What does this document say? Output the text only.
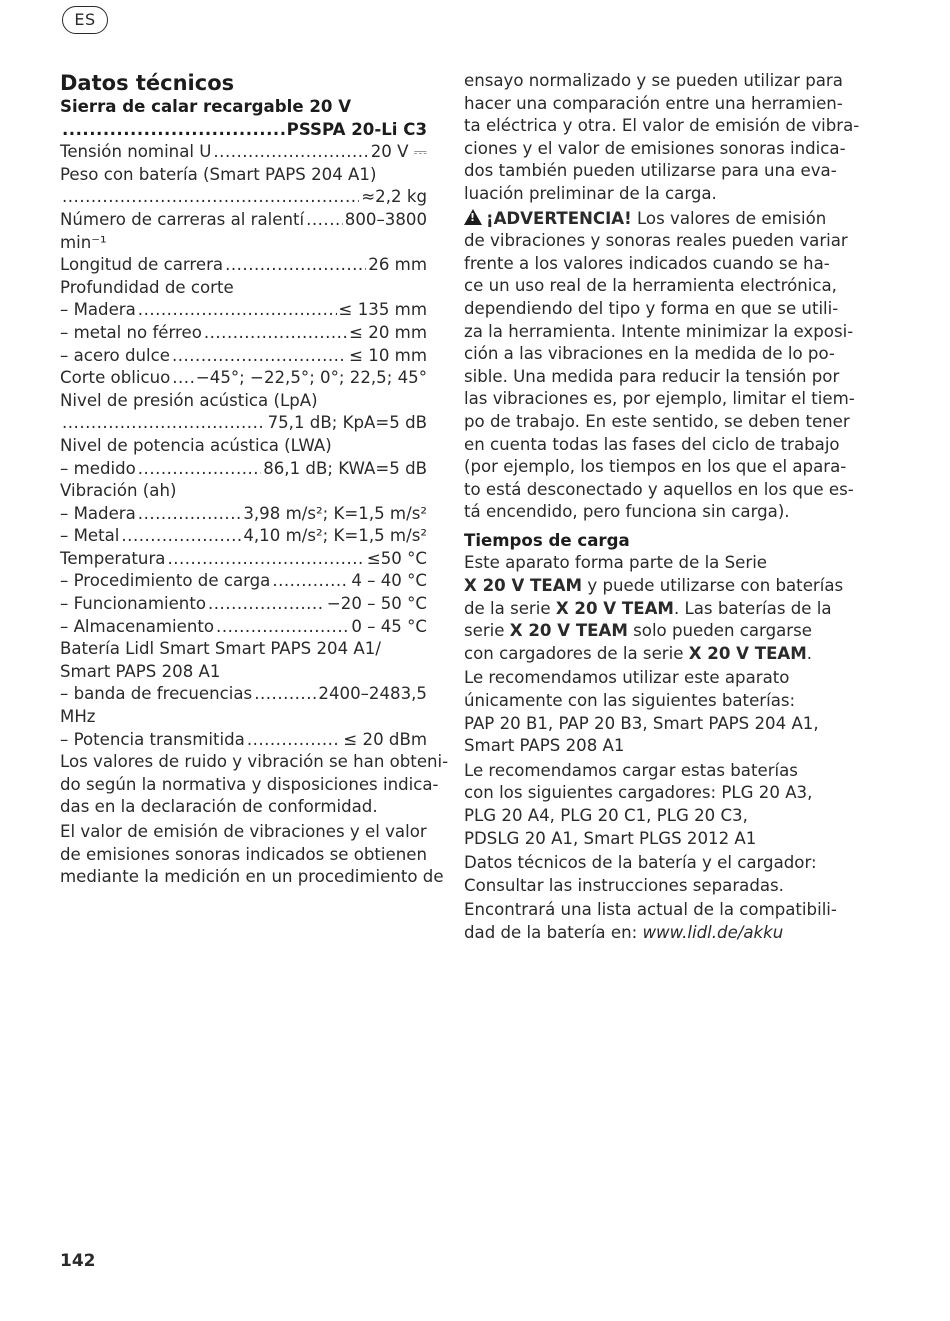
ES
Datos técnicos
Sierra de calar recargable 20 V
.....
PSSPA 20-Li C3
Tensión nominal U .....	20 V ⎓
Peso con batería (Smart PAPS 204 A1)
.....
≈2,2 kg
Número de carreras al ralentí ..... 800–3800
min⁻¹
Longitud de carrera .....	26 mm
Profundidad de corte
– Madera .....	≤ 135 mm
– metal no férreo .....	≤ 20 mm
– acero dulce .....	≤ 10 mm
Corte oblicuo ..... −45°; −22,5°; 0°; 22,5; 45°
Nivel de presión acústica (LpA)
.....
75,1 dB; KpA=5 dB
Nivel de potencia acústica (LWA)
– medido .....	86,1 dB; KWA=5 dB
Vibración (ah)
– Madera .....	3,98 m/s²; K=1,5 m/s²
– Metal .....	4,10 m/s²; K=1,5 m/s²
Temperatura .....	≤50 °C
– Procedimiento de carga .....	4 – 40 °C
– Funcionamiento .....	−20 – 50 °C
– Almacenamiento .....	0 – 45 °C
Batería Lidl Smart Smart PAPS 204 A1/
Smart PAPS 208 A1
– banda de frecuencias .....	2400–2483,5
MHz
– Potencia transmitida .....	≤ 20 dBm
Los valores de ruido y vibración se han obteni-
do según la normativa y disposiciones indica-
das en la declaración de conformidad.
El valor de emisión de vibraciones y el valor
de emisiones sonoras indicados se obtienen
mediante la medición en un procedimiento de
ensayo normalizado y se pueden utilizar para
hacer una comparación entre una herramien-
ta eléctrica y otra. El valor de emisión de vibra-
ciones y el valor de emisiones sonoras indica-
dos también pueden utilizarse para una eva-
luación preliminar de la carga.
!¡ADVERTENCIA! Los valores de emisión
de vibraciones y sonoras reales pueden variar
frente a los valores indicados cuando se ha-
ce un uso real de la herramienta electrónica,
dependiendo del tipo y forma en que se utili-
za la herramienta. Intente minimizar la exposi-
ción a las vibraciones en la medida de lo po-
sible. Una medida para reducir la tensión por
las vibraciones es, por ejemplo, limitar el tiem-
po de trabajo. En este sentido, se deben tener
en cuenta todas las fases del ciclo de trabajo
(por ejemplo, los tiempos en los que el apara-
to está desconectado y aquellos en los que es-
tá encendido, pero funciona sin carga).
Tiempos de carga
Este aparato forma parte de la Serie
X 20 V TEAM y puede utilizarse con baterías
de la serie X 20 V TEAM. Las baterías de la
serie X 20 V TEAM solo pueden cargarse
con cargadores de la serie X 20 V TEAM.
Le recomendamos utilizar este aparato
únicamente con las siguientes baterías:
PAP 20 B1, PAP 20 B3, Smart PAPS 204 A1,
Smart PAPS 208 A1
Le recomendamos cargar estas baterías
con los siguientes cargadores: PLG 20 A3,
PLG 20 A4, PLG 20 C1, PLG 20 C3,
PDSLG 20 A1, Smart PLGS 2012 A1
Datos técnicos de la batería y el cargador:
Consultar las instrucciones separadas.
Encontrará una lista actual de la compatibili-
dad de la batería en: www.lidl.de/akku
142
